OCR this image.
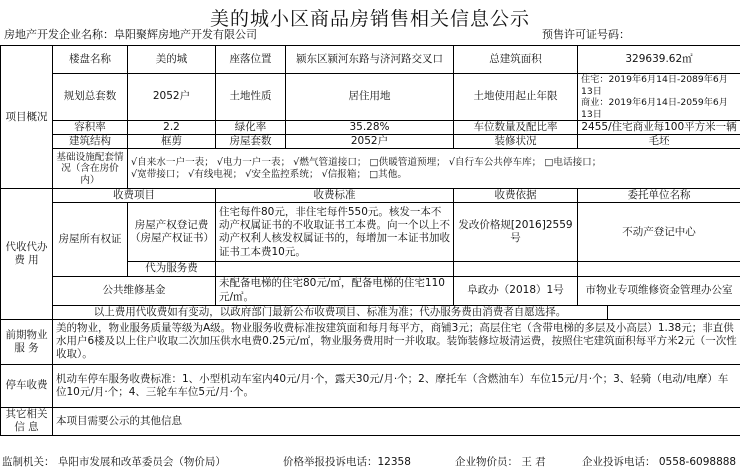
美的城小区商品房销售相关信息公示
房地产开发企业名称：阜阳聚辉房地产开发有限公司	预售许可证号码：
项目概况	楼盘名称	美的城	座落位置	颍东区颍河东路与济河路交叉口	总建筑面积	329639.62㎡
	规划总套数	2052户	土地性质	居住用地	土地使用起止年限	住宅：2019年6月14日-2089年6月13日
商业：2019年6月14日-2059年6月13日

	容积率	2.2	绿化率	35.28%	车位数量及配比率	2455/住宅商业每100平方米一辆
	建筑结构	框剪	房屋套数	2052户	装修状况	毛坯
	基础设施配套情况（含在房价内）	√自来水一户一表； √电力一户一表； √燃气管道接口； □供暖管道预埋； √自行车公共停车库； □电话接口；
√宽带接口； √有线电视； √安全监控系统； √信报箱； □其他。				

代收代办费 用	收费项目		收费标准		收费依据	委托单位名称
	房屋所有权证	房屋产权登记费（房屋产权证书）	住宅每件80元，非住宅每件550元。核发一本不动产权属证书的不收取证书工本费。向一个以上不动产权利人核发权属证书的，每增加一本证书加收证书工本费10元。		发改价格规[2016]2559号	不动产登记中心
		代为服务费				
	公共维修基金		未配备电梯的住宅80元/㎡，配备电梯的住宅110元/㎡。		阜政办（2018）1号	市物业专项维修资金管理办公室
	以上费用代收费如有变动，以政府部门最新公布收费项目、标准为准；代办服务费由消费者自愿选择。					
前期物业服 务	美的物业，物业服务质量等级为A级。物业服务收费标准按建筑面和每月每平方，商铺3元；高层住宅（含带电梯的多层及小高层）1.38元；非直供水用户6楼及以上住户收取二次加压供水电费0.25元/㎡，物业服务费用时一并收取。装饰装修垃圾清运费，按照住宅建筑面积每平方米2元（一次性收取）。					
停车收费	机动车停车服务收费标准：1、小型机动车室内40元/月·个，露天30元/月·个；2、摩托车（含燃油车）车位15元/月·个；3、轻骑（电动/电摩）车位10元/月·个；4、三轮车车位5元/月·个。					
其它相关信 息	本项目需要公示的其他信息					
监制机关： 阜阳市发展和改革委员会（物价局）	价格举报投诉电话：12358	企业物价员： 王 君	企业投诉电话： 0558-6098888
